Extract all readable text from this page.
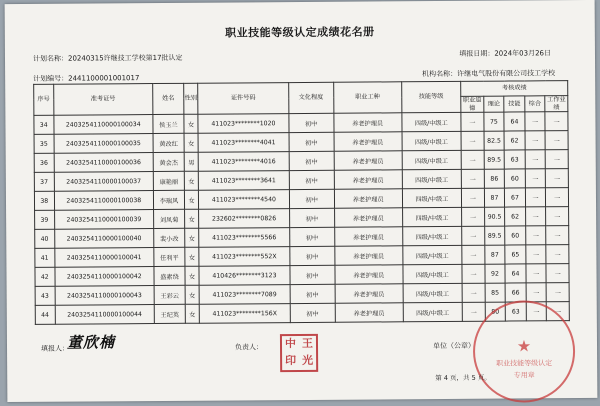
职业技能等级认定成绩花名册
计划名称：20240315许继技工学校第17批认定
填报日期：2024年03月26日
计划编号：2441100001001017
机构名称：许继电气股份有限公司技工学校
序号	准考证号	姓名	性别	证件号码	文化程度	职业工种	技能等级	考核成绩				
								职业道德	理论	技能	综合	工作业绩
34	2403254110000100034	侯玉兰	女	411023********1020	初中	养老护理员	四级/中级工	一	75	64	一	一
35	2403254110000100035	黄改红	女	411023********4041	初中	养老护理员	四级/中级工	一	82.5	62	一	一
36	2403254110000100036	黄会杰	男	411023********4016	初中	养老护理员	四级/中级工	一	89.5	63	一	一
37	2403254110000100037	康艳丽	女	411023********3641	初中	养老护理员	四级/中级工	一	86	60	一	一
38	2403254110000100038	李瑞风	女	411023********4540	初中	养老护理员	四级/中级工	一	87	67	一	一
39	2403254110000100039	刘凤菊	女	232602********0826	初中	养老护理员	四级/中级工	一	90.5	62	一	一
40	2403254110000100040	裴小改	女	411023********5566	初中	养老护理员	四级/中级工	一	89.5	60	一	一
41	2403254110000100041	任利平	女	411023********552X	初中	养老护理员	四级/中级工	一	87	65	一	一
42	2403254110000100042	盛素绕	女	410426********3123	初中	养老护理员	四级/中级工	一	92	64	一	一
43	2403254110000100043	王彩云	女	411023********7089	初中	养老护理员	四级/中级工	一	85	66	一	一
44	2403254110000100044	王纪英	女	411023********156X	初中	养老护理员	四级/中级工	一	80	63	一	一
填报人：
董欣楠	负责人：	单位（公章）
中 王
印 光
★
职业技能等级认定
专用章
第 4 页，共 5 页。
